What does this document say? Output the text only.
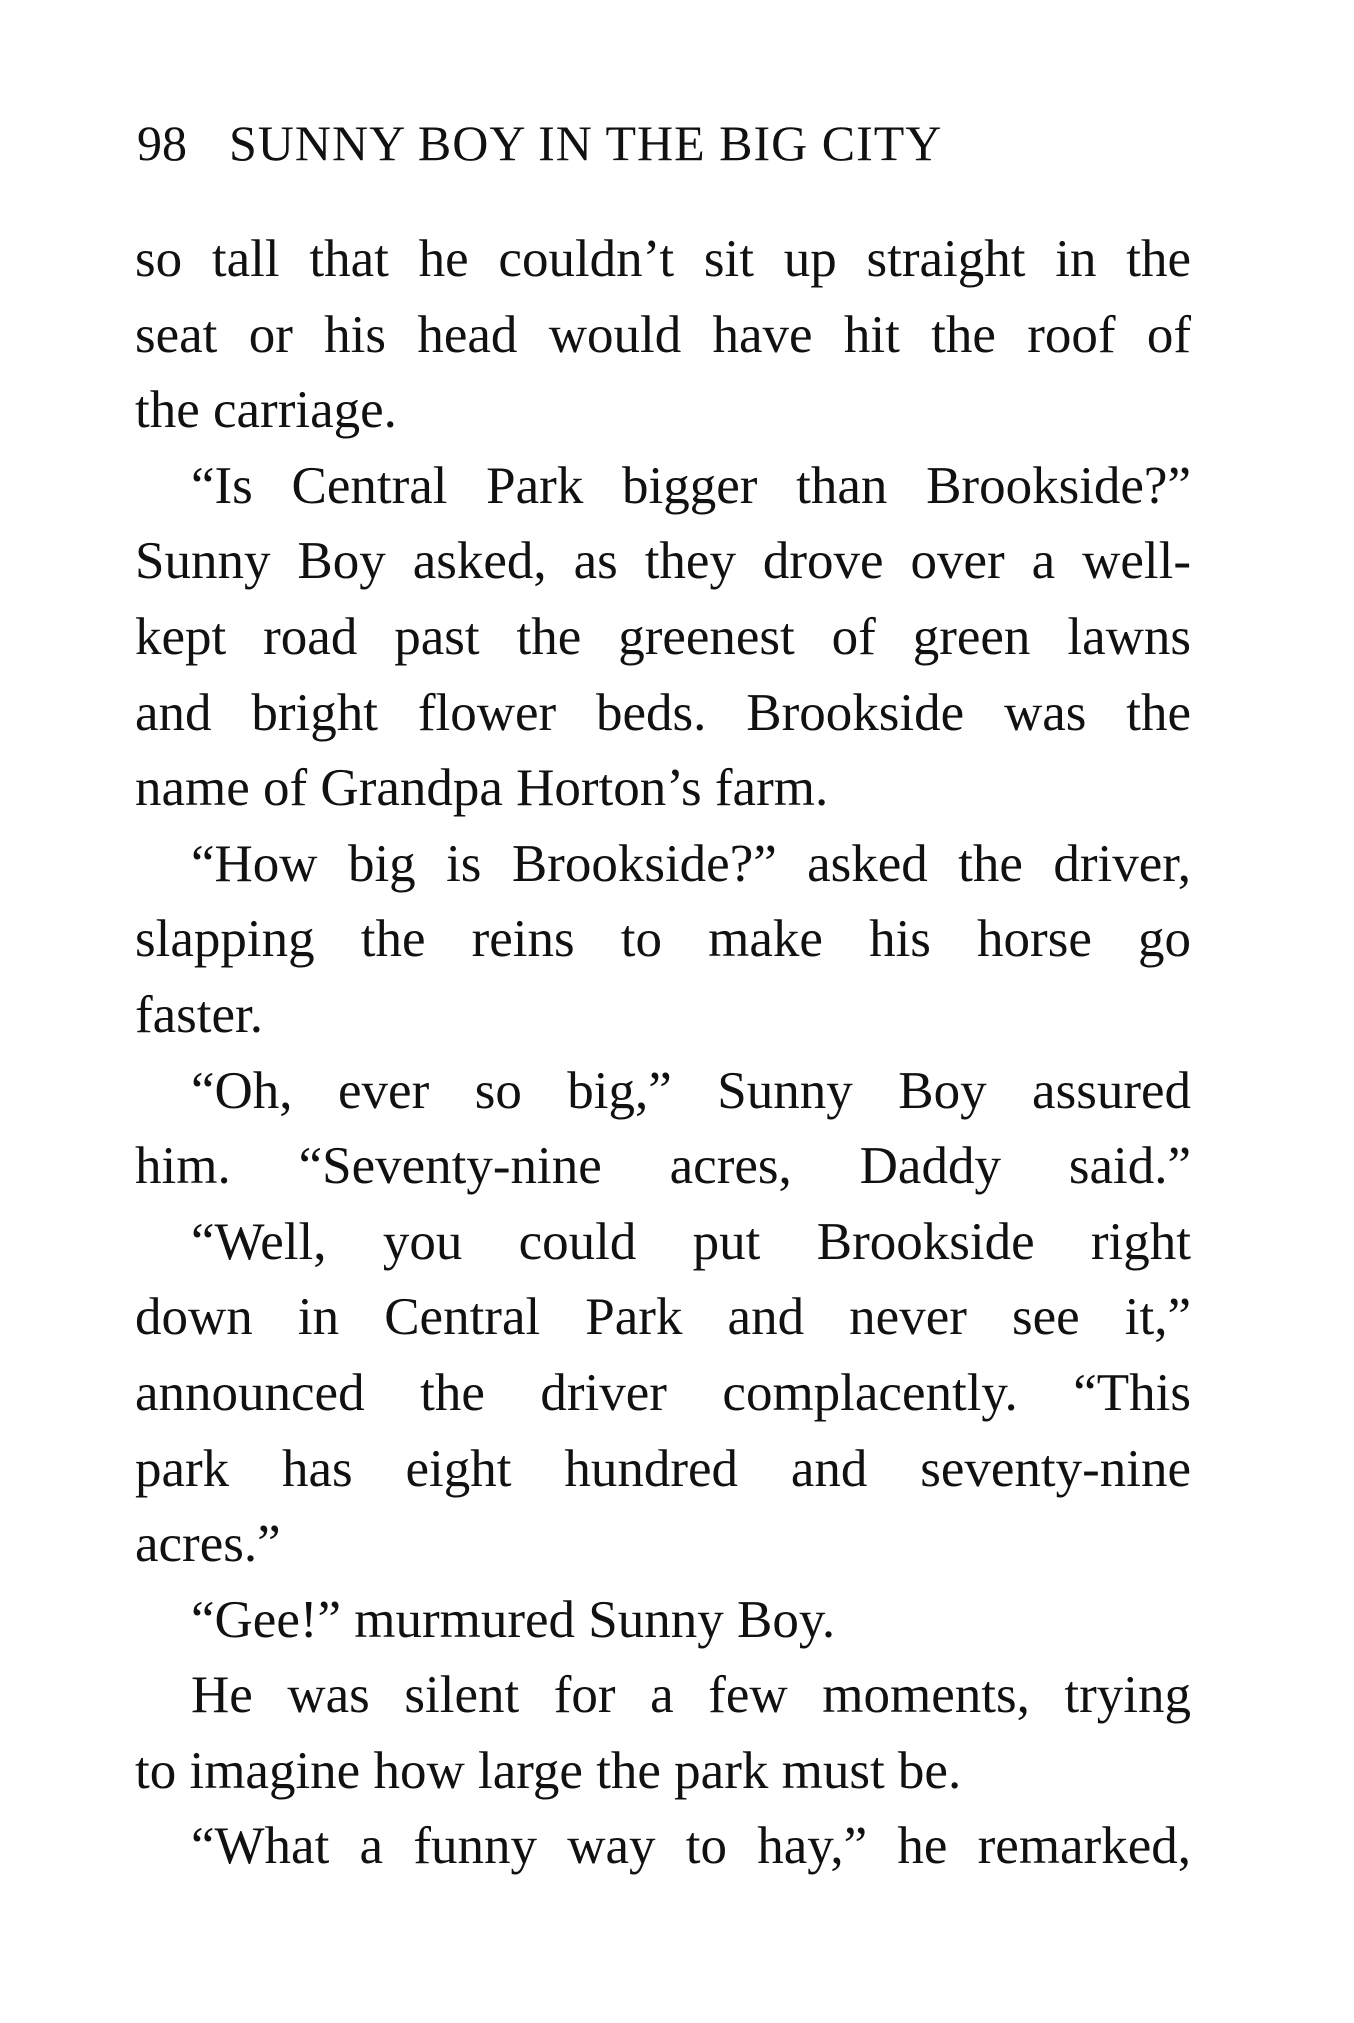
98 SUNNY BOY IN THE BIG CITY
so tall that he couldn’t sit up straight in the
seat or his head would have hit the roof of
the carriage.
“Is Central Park bigger than Brookside?”
Sunny Boy asked, as they drove over a well-
kept road past the greenest of green lawns
and bright flower beds. Brookside was the
name of Grandpa Horton’s farm.
“How big is Brookside?” asked the driver,
slapping the reins to make his horse go
faster.
“Oh, ever so big,” Sunny Boy assured
him. “Seventy-nine acres, Daddy said.”
“Well, you could put Brookside right
down in Central Park and never see it,”
announced the driver complacently. “This
park has eight hundred and seventy-nine
acres.”
“Gee!” murmured Sunny Boy.
He was silent for a few moments, trying
to imagine how large the park must be.
“What a funny way to hay,” he remarked,
